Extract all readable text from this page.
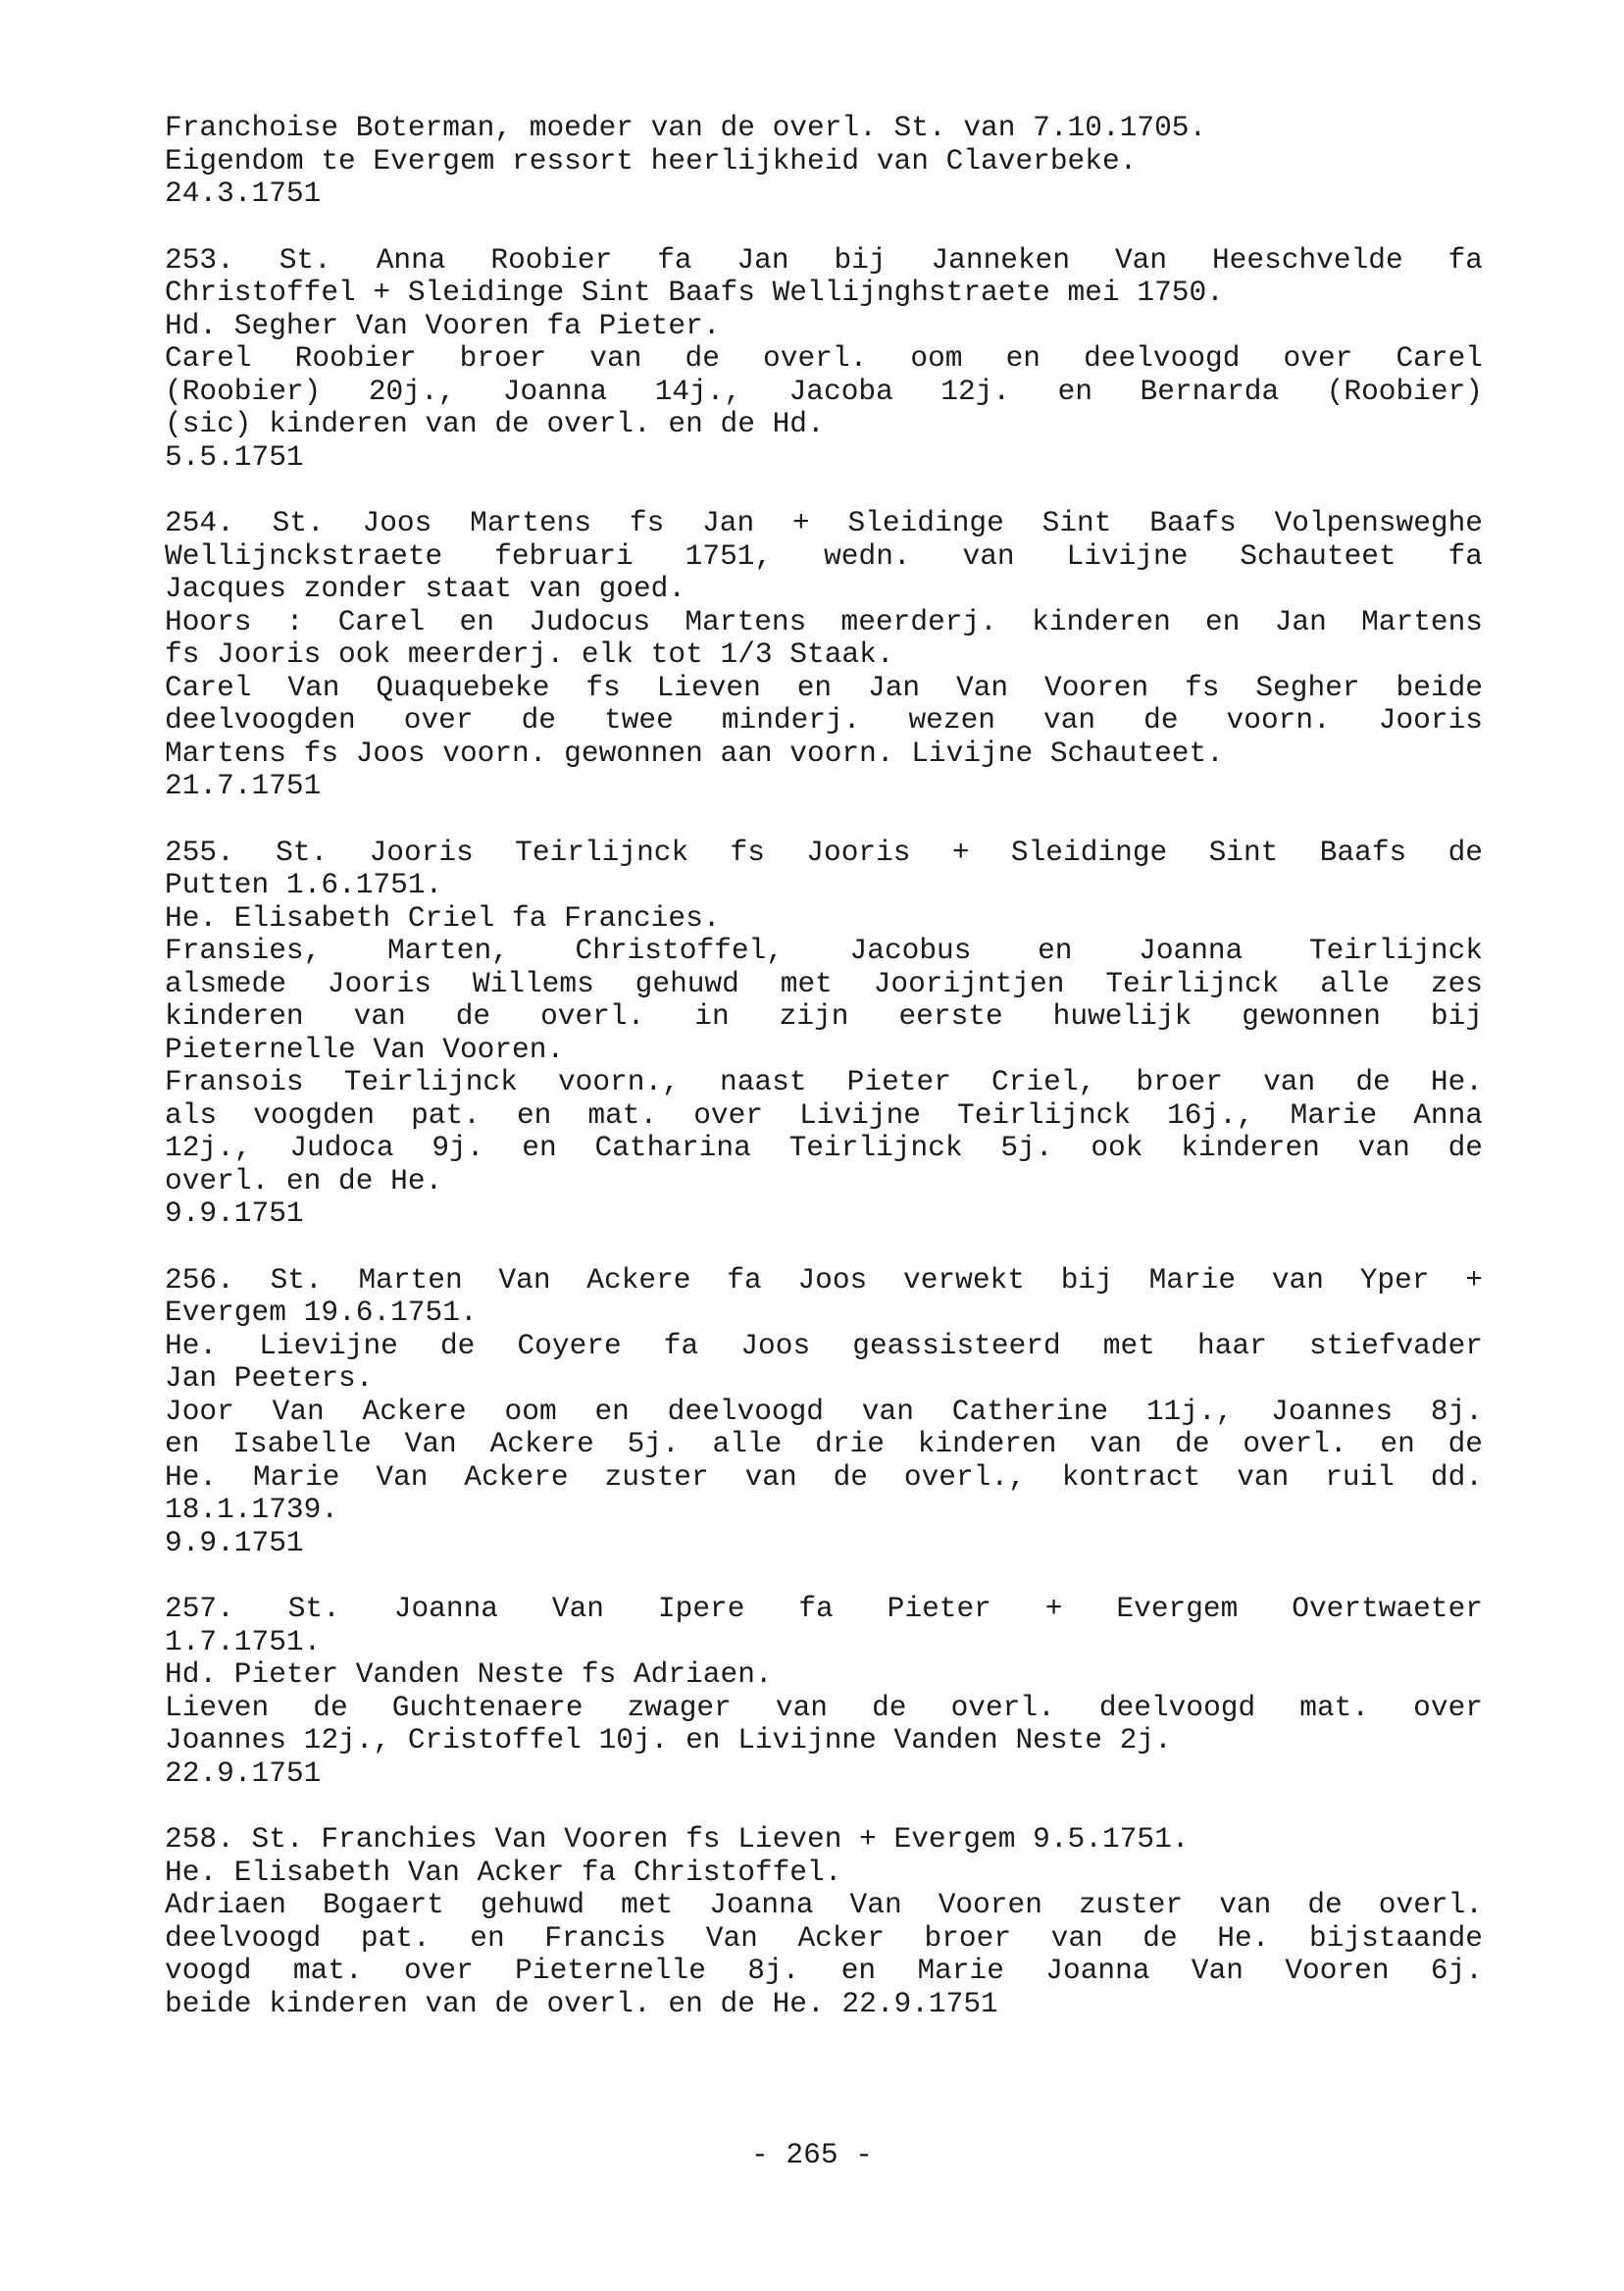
Franchoise Boterman, moeder van de overl. St. van 7.10.1705.
Eigendom te Evergem ressort heerlijkheid van Claverbeke.
24.3.1751
253. St. Anna Roobier fa Jan bij Janneken Van Heeschvelde fa
Christoffel + Sleidinge Sint Baafs Wellijnghstraete mei 1750.
Hd. Segher Van Vooren fa Pieter.
Carel Roobier broer van de overl. oom en deelvoogd over Carel
(Roobier) 20j., Joanna 14j., Jacoba 12j. en Bernarda (Roobier)
(sic) kinderen van de overl. en de Hd.
5.5.1751
254. St. Joos Martens fs Jan + Sleidinge Sint Baafs Volpensweghe
Wellijnckstraete februari 1751, wedn. van Livijne Schauteet fa
Jacques zonder staat van goed.
Hoors : Carel en Judocus Martens meerderj. kinderen en Jan Martens
fs Jooris ook meerderj. elk tot 1/3 Staak.
Carel Van Quaquebeke fs Lieven en Jan Van Vooren fs Segher beide
deelvoogden over de twee minderj. wezen van de voorn. Jooris
Martens fs Joos voorn. gewonnen aan voorn. Livijne Schauteet.
21.7.1751
255. St. Jooris Teirlijnck fs Jooris + Sleidinge Sint Baafs de
Putten 1.6.1751.
He. Elisabeth Criel fa Francies.
Fransies, Marten, Christoffel, Jacobus en Joanna Teirlijnck
alsmede Jooris Willems gehuwd met Joorijntjen Teirlijnck alle zes
kinderen van de overl. in zijn eerste huwelijk gewonnen bij
Pieternelle Van Vooren.
Fransois Teirlijnck voorn., naast Pieter Criel, broer van de He.
als voogden pat. en mat. over Livijne Teirlijnck 16j., Marie Anna
12j., Judoca 9j. en Catharina Teirlijnck 5j. ook kinderen van de
overl. en de He.
9.9.1751
256. St. Marten Van Ackere fa Joos verwekt bij Marie van Yper +
Evergem 19.6.1751.
He. Lievijne de Coyere fa Joos geassisteerd met haar stiefvader
Jan Peeters.
Joor Van Ackere oom en deelvoogd van Catherine 11j., Joannes 8j.
en Isabelle Van Ackere 5j. alle drie kinderen van de overl. en de
He. Marie Van Ackere zuster van de overl., kontract van ruil dd.
18.1.1739.
9.9.1751
257. St. Joanna Van Ipere fa Pieter + Evergem Overtwaeter
1.7.1751.
Hd. Pieter Vanden Neste fs Adriaen.
Lieven de Guchtenaere zwager van de overl. deelvoogd mat. over
Joannes 12j., Cristoffel 10j. en Livijnne Vanden Neste 2j.
22.9.1751
258. St. Franchies Van Vooren fs Lieven + Evergem 9.5.1751.
He. Elisabeth Van Acker fa Christoffel.
Adriaen Bogaert gehuwd met Joanna Van Vooren zuster van de overl.
deelvoogd pat. en Francis Van Acker broer van de He. bijstaande
voogd mat. over Pieternelle 8j. en Marie Joanna Van Vooren 6j.
beide kinderen van de overl. en de He. 22.9.1751
- 265 -
